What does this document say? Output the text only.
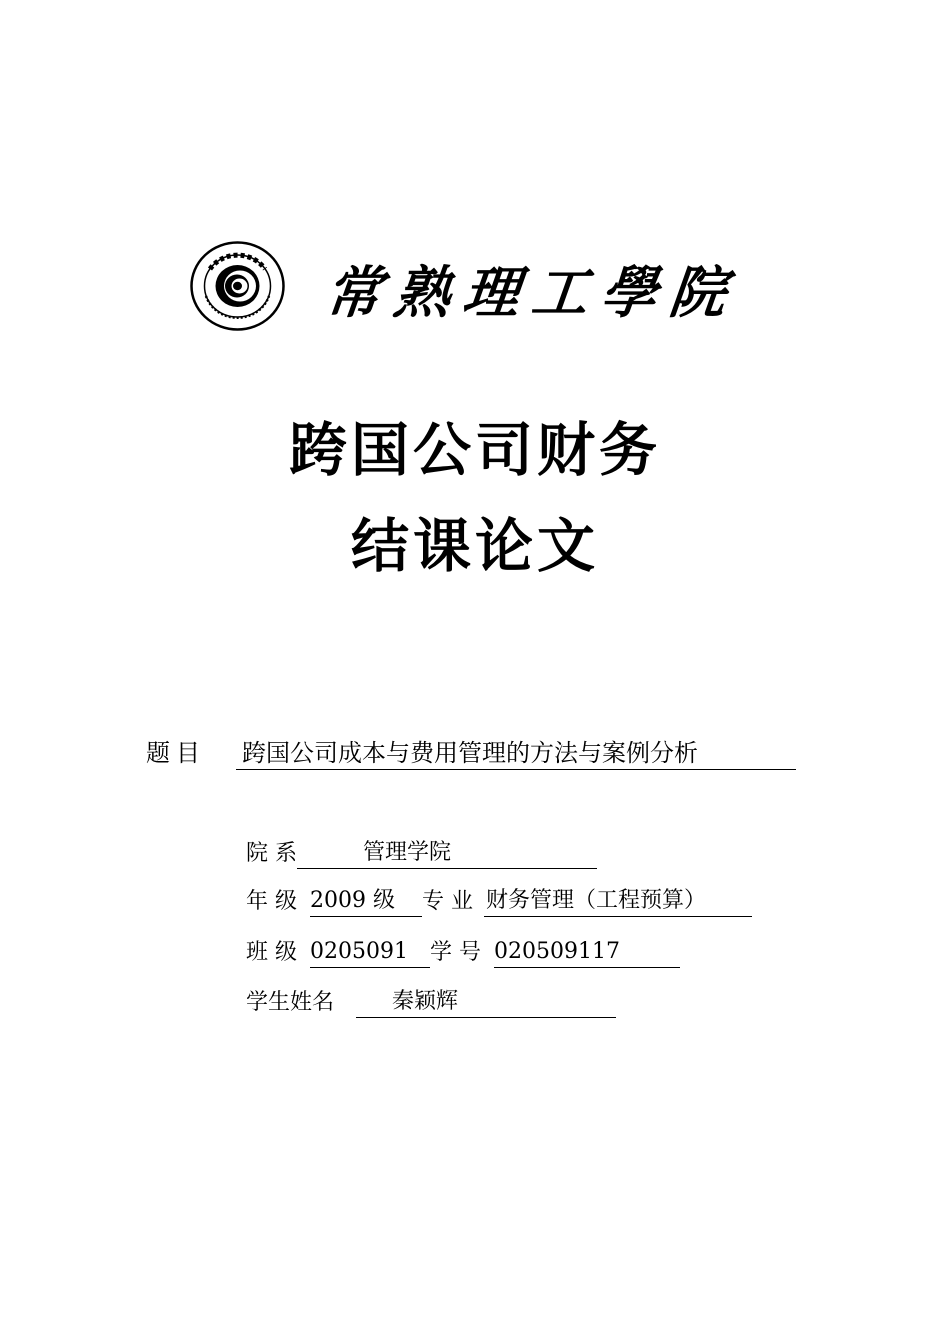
常 熟 理 工 學 院
跨国公司财务
结课论文
题目 跨国公司成本与费用管理的方法与案例分析
院 系	管理学院
年 级 2009 级 专 业 财务管理（工程预算）
班 级 0205091 学 号 020509117
学生姓名	秦颖辉
